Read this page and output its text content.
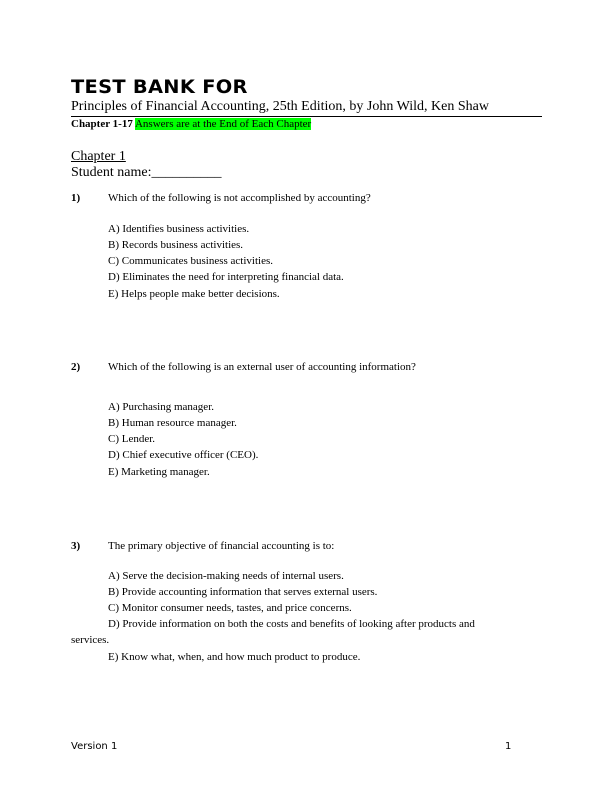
TEST BANK FOR
Principles of Financial Accounting, 25th Edition, by John Wild, Ken Shaw
Chapter 1-17 Answers are at the End of Each Chapter
Chapter 1
Student name:__________
1)	Which of the following is not accomplished by accounting?
A) Identifies business activities.
B) Records business activities.
C) Communicates business activities.
D) Eliminates the need for interpreting financial data.
E) Helps people make better decisions.
2)	Which of the following is an external user of accounting information?
A) Purchasing manager.
B) Human resource manager.
C) Lender.
D) Chief executive officer (CEO).
E) Marketing manager.
3)	The primary objective of financial accounting is to:
A) Serve the decision-making needs of internal users.
B) Provide accounting information that serves external users.
C) Monitor consumer needs, tastes, and price concerns.
D) Provide information on both the costs and benefits of looking after products and
services.
E) Know what, when, and how much product to produce.
Version 1	1
